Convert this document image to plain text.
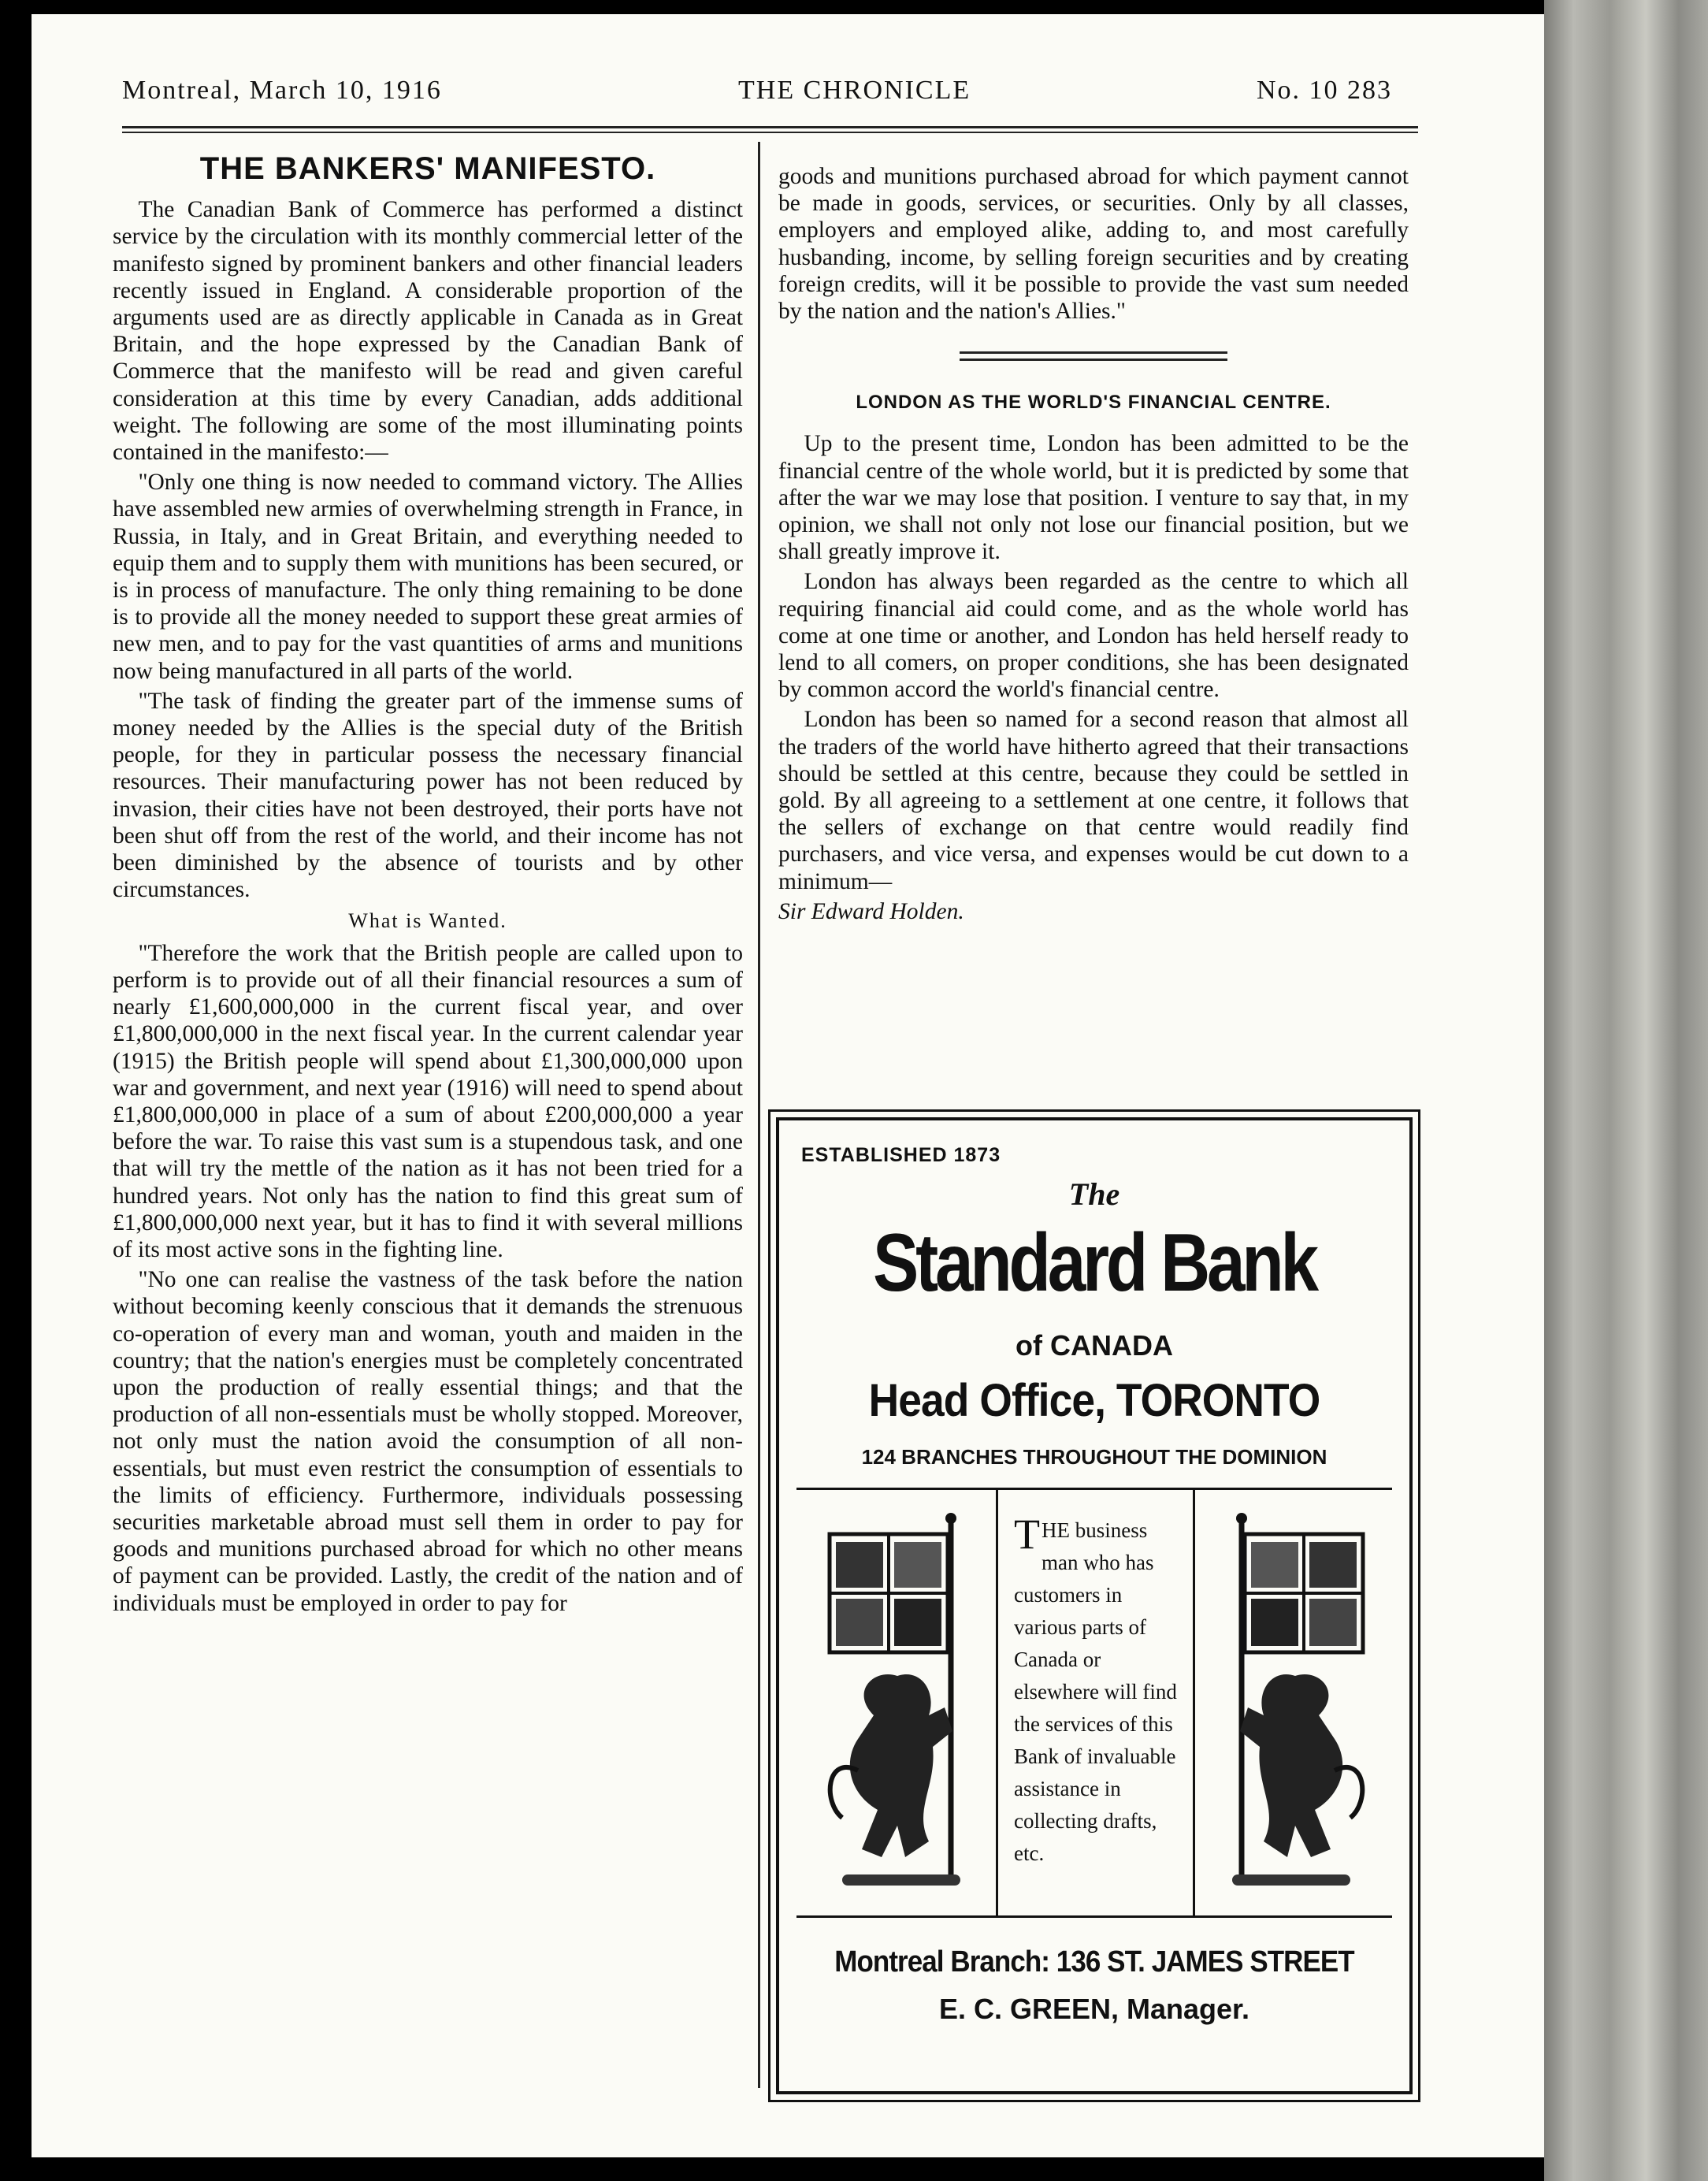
Montreal, March 10, 1916	THE CHRONICLE	No. 10 283
THE BANKERS' MANIFESTO.

The Canadian Bank of Commerce has performed a distinct service by the circulation with its monthly commercial letter of the manifesto signed by prominent bankers and other financial leaders recently issued in England. A considerable proportion of the arguments used are as directly applicable in Canada as in Great Britain, and the hope expressed by the Canadian Bank of Commerce that the manifesto will be read and given careful consideration at this time by every Canadian, adds additional weight. The following are some of the most illuminating points contained in the manifesto:—

"Only one thing is now needed to command victory. The Allies have assembled new armies of overwhelming strength in France, in Russia, in Italy, and in Great Britain, and everything needed to equip them and to supply them with munitions has been secured, or is in process of manufacture. The only thing remaining to be done is to provide all the money needed to support these great armies of new men, and to pay for the vast quantities of arms and munitions now being manufactured in all parts of the world.

"The task of finding the greater part of the immense sums of money needed by the Allies is the special duty of the British people, for they in particular possess the necessary financial resources. Their manufacturing power has not been reduced by invasion, their cities have not been destroyed, their ports have not been shut off from the rest of the world, and their income has not been diminished by the absence of tourists and by other circumstances.

What is Wanted.

"Therefore the work that the British people are called upon to perform is to provide out of all their financial resources a sum of nearly £1,600,000,000 in the current fiscal year, and over £1,800,000,000 in the next fiscal year. In the current calendar year (1915) the British people will spend about £1,300,000,000 upon war and government, and next year (1916) will need to spend about £1,800,000,000 in place of a sum of about £200,000,000 a year before the war. To raise this vast sum is a stupendous task, and one that will try the mettle of the nation as it has not been tried for a hundred years. Not only has the nation to find this great sum of £1,800,000,000 next year, but it has to find it with several millions of its most active sons in the fighting line.

"No one can realise the vastness of the task before the nation without becoming keenly conscious that it demands the strenuous co-operation of every man and woman, youth and maiden in the country; that the nation's energies must be completely concentrated upon the production of really essential things; and that the production of all non-essentials must be wholly stopped. Moreover, not only must the nation avoid the consumption of all non-essentials, but must even restrict the consumption of essentials to the limits of efficiency. Furthermore, individuals possessing securities marketable abroad must sell them in order to pay for goods and munitions purchased abroad for which no other means of payment can be provided. Lastly, the credit of the nation and of individuals must be employed in order to pay for

goods and munitions purchased abroad for which payment cannot be made in goods, services, or securities. Only by all classes, employers and employed alike, adding to, and most carefully husbanding, income, by selling foreign securities and by creating foreign credits, will it be possible to provide the vast sum needed by the nation and the nation's Allies."

LONDON AS THE WORLD'S FINANCIAL CENTRE.

Up to the present time, London has been admitted to be the financial centre of the whole world, but it is predicted by some that after the war we may lose that position. I venture to say that, in my opinion, we shall not only not lose our financial position, but we shall greatly improve it.

London has always been regarded as the centre to which all requiring financial aid could come, and as the whole world has come at one time or another, and London has held herself ready to lend to all comers, on proper conditions, she has been designated by common accord the world's financial centre.

London has been so named for a second reason that almost all the traders of the world have hitherto agreed that their transactions should be settled at this centre, because they could be settled in gold. By all agreeing to a settlement at one centre, it follows that the sellers of exchange on that centre would readily find purchasers, and vice versa, and expenses would be cut down to a minimum—

Sir Edward Holden.

ESTABLISHED 1873
The
Standard Bank
of CANADA
Head Office, TORONTO
124 BRANCHES THROUGHOUT THE DOMINION
THE business man who has customers in various parts of Canada or elsewhere will find the services of this Bank of invaluable assistance in collecting drafts, etc.
Montreal Branch: 136 ST. JAMES STREET
E. C. GREEN, Manager.
